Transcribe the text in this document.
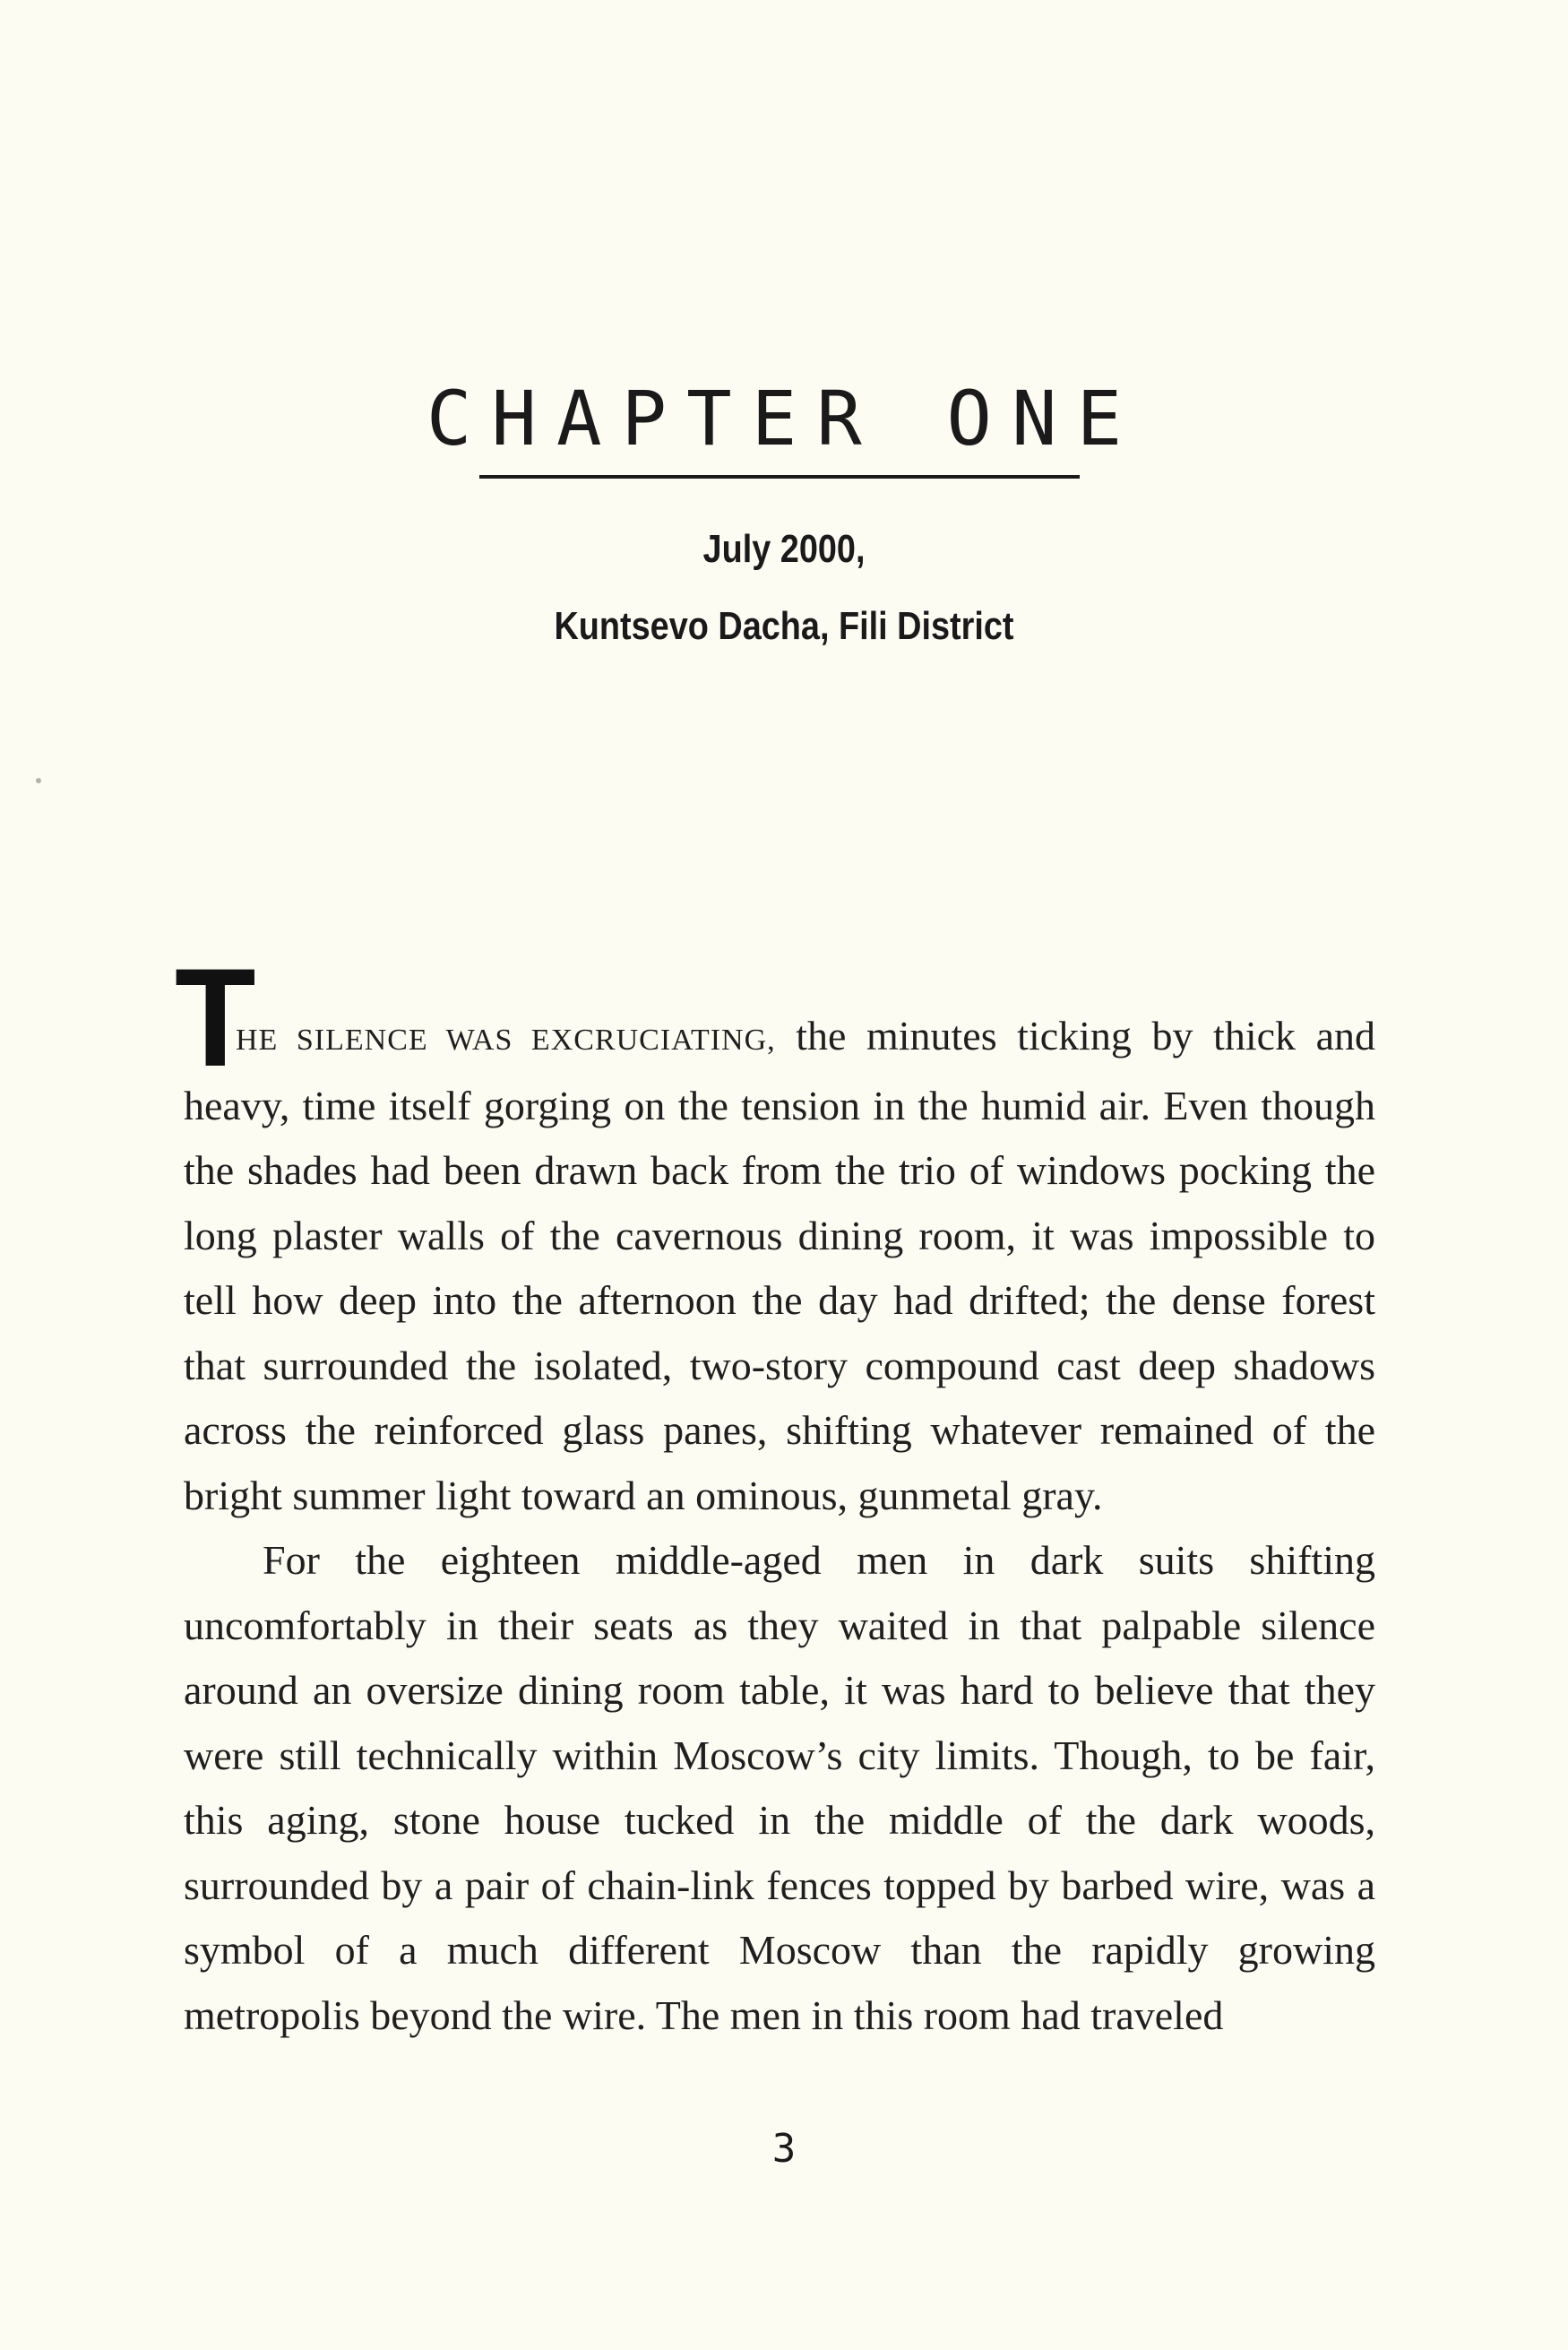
CHAPTER ONE
July 2000,
Kuntsevo Dacha, Fili District
T

HE SILENCE WAS EXCRUCIATING, the minutes ticking by thick and heavy, time itself gorging on the tension in the humid air. Even though the shades had been drawn back from the trio of windows pocking the long plaster walls of the cavernous dining room, it was impossible to tell how deep into the afternoon the day had drifted; the dense forest that surrounded the isolated, two-story compound cast deep shadows across the reinforced glass panes, shifting whatever remained of the bright summer light toward an ominous, gunmetal gray.

For the eighteen middle-aged men in dark suits shifting uncomfortably in their seats as they waited in that palpable silence around an oversize dining room table, it was hard to believe that they were still technically within Moscow’s city limits. Though, to be fair, this aging, stone house tucked in the middle of the dark woods, surrounded by a pair of chain-link fences topped by barbed wire, was a symbol of a much different Moscow than the rapidly growing metropolis beyond the wire. The men in this room had traveled

3
